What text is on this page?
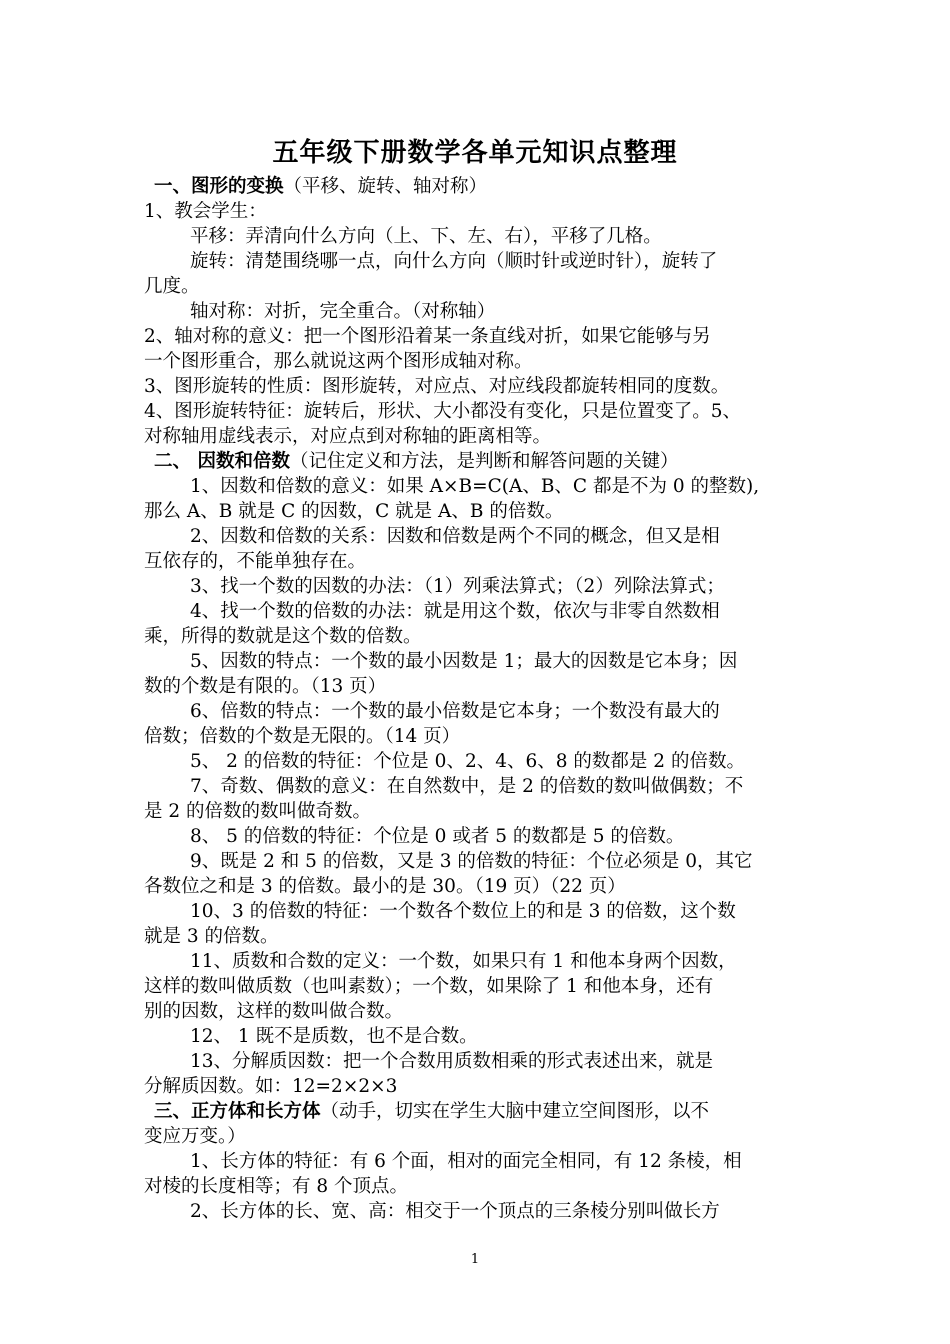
五年级下册数学各单元知识点整理
一、图形的变换（平移、旋转、轴对称）
1、教会学生：
平移：弄清向什么方向（上、下、左、右），平移了几格。
旋转：清楚围绕哪一点，向什么方向（顺时针或逆时针），旋转了
几度。
轴对称：对折，完全重合。（对称轴）
2、轴对称的意义：把一个图形沿着某一条直线对折，如果它能够与另
一个图形重合，那么就说这两个图形成轴对称。
3、图形旋转的性质：图形旋转，对应点、对应线段都旋转相同的度数。
4、图形旋转特征：旋转后，形状、大小都没有变化，只是位置变了。5、
对称轴用虚线表示，对应点到对称轴的距离相等。
二、 因数和倍数（记住定义和方法，是判断和解答问题的关键）
1、因数和倍数的意义：如果 A×B=C(A、B、C 都是不为 0 的整数),
那么 A、B 就是 C 的因数，C 就是 A、B 的倍数。
2、因数和倍数的关系：因数和倍数是两个不同的概念，但又是相
互依存的，不能单独存在。
3、找一个数的因数的办法：（1）列乘法算式；（2）列除法算式；
4、找一个数的倍数的办法：就是用这个数，依次与非零自然数相
乘，所得的数就是这个数的倍数。
5、因数的特点：一个数的最小因数是 1；最大的因数是它本身；因
数的个数是有限的。（13 页）
6、倍数的特点：一个数的最小倍数是它本身；一个数没有最大的
倍数；倍数的个数是无限的。（14 页）
5、 2 的倍数的特征：个位是 0、2、4、6、8 的数都是 2 的倍数。
7、奇数、偶数的意义：在自然数中，是 2 的倍数的数叫做偶数；不
是 2 的倍数的数叫做奇数。
8、 5 的倍数的特征：个位是 0 或者 5 的数都是 5 的倍数。
9、既是 2 和 5 的倍数，又是 3 的倍数的特征：个位必须是 0，其它
各数位之和是 3 的倍数。最小的是 30。（19 页）（22 页）
10、3 的倍数的特征：一个数各个数位上的和是 3 的倍数，这个数
就是 3 的倍数。
11、质数和合数的定义：一个数，如果只有 1 和他本身两个因数，
这样的数叫做质数（也叫素数）；一个数，如果除了 1 和他本身，还有
别的因数，这样的数叫做合数。
12、 1 既不是质数，也不是合数。
13、分解质因数：把一个合数用质数相乘的形式表述出来，就是
分解质因数。如：12=2×2×3
三、正方体和长方体（动手，切实在学生大脑中建立空间图形，以不
变应万变。）
1、长方体的特征：有 6 个面，相对的面完全相同，有 12 条棱，相
对棱的长度相等；有 8 个顶点。
2、长方体的长、宽、高：相交于一个顶点的三条棱分别叫做长方
1
